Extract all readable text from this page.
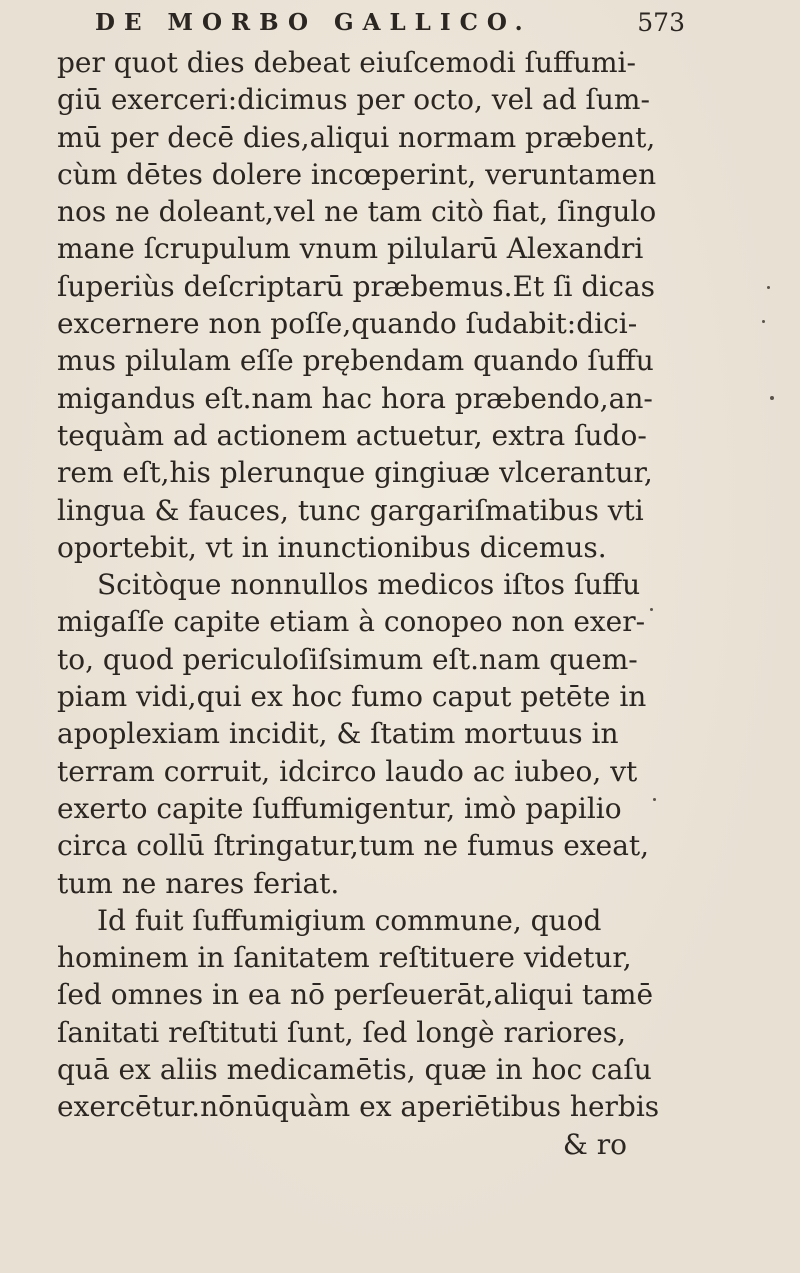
DE MORBO GALLICO.	573
per quot dies debeat eiuſcemodi ſuffumi-
giū exerceri:dicimus per octo, vel ad ſum-
mū per decē dies,aliqui normam præbent,
cùm dētes dolere incœperint, veruntamen
nos ne doleant,vel ne tam citò fiat, ſingulo
mane ſcrupulum vnum pilularū Alexandri
ſuperiùs deſcriptarū præbemus.Et ſi dicas
excernere non poſſe,quando ſudabit:dici-
mus pilulam eſſe prębendam quando ſuffu
migandus eſt.nam hac hora præbendo,an-
tequàm ad actionem actuetur, extra ſudo-
rem eſt,his plerunque gingiuæ vlcerantur,
lingua & fauces, tunc gargariſmatibus vti
oportebit, vt in inunctionibus dicemus.
Scitòque nonnullos medicos iſtos ſuffu
migaſſe capite etiam à conopeo non exer-
to, quod periculoſiſsimum eſt.nam quem-
piam vidi,qui ex hoc fumo caput petēte in
apoplexiam incidit, & ſtatim mortuus in
terram corruit, idcirco laudo ac iubeo, vt
exerto capite ſuffumigentur, imò papilio
circa collū ſtringatur,tum ne fumus exeat,
tum ne nares feriat.
Id fuit ſuffumigium commune, quod
hominem in ſanitatem reſtituere videtur,
ſed omnes in ea nō perſeuerāt,aliqui tamē
ſanitati reſtituti ſunt, ſed longè rariores,
quā ex aliis medicamētis, quæ in hoc caſu
exercētur.nōnūquàm ex aperiētibus herbis
& ro
